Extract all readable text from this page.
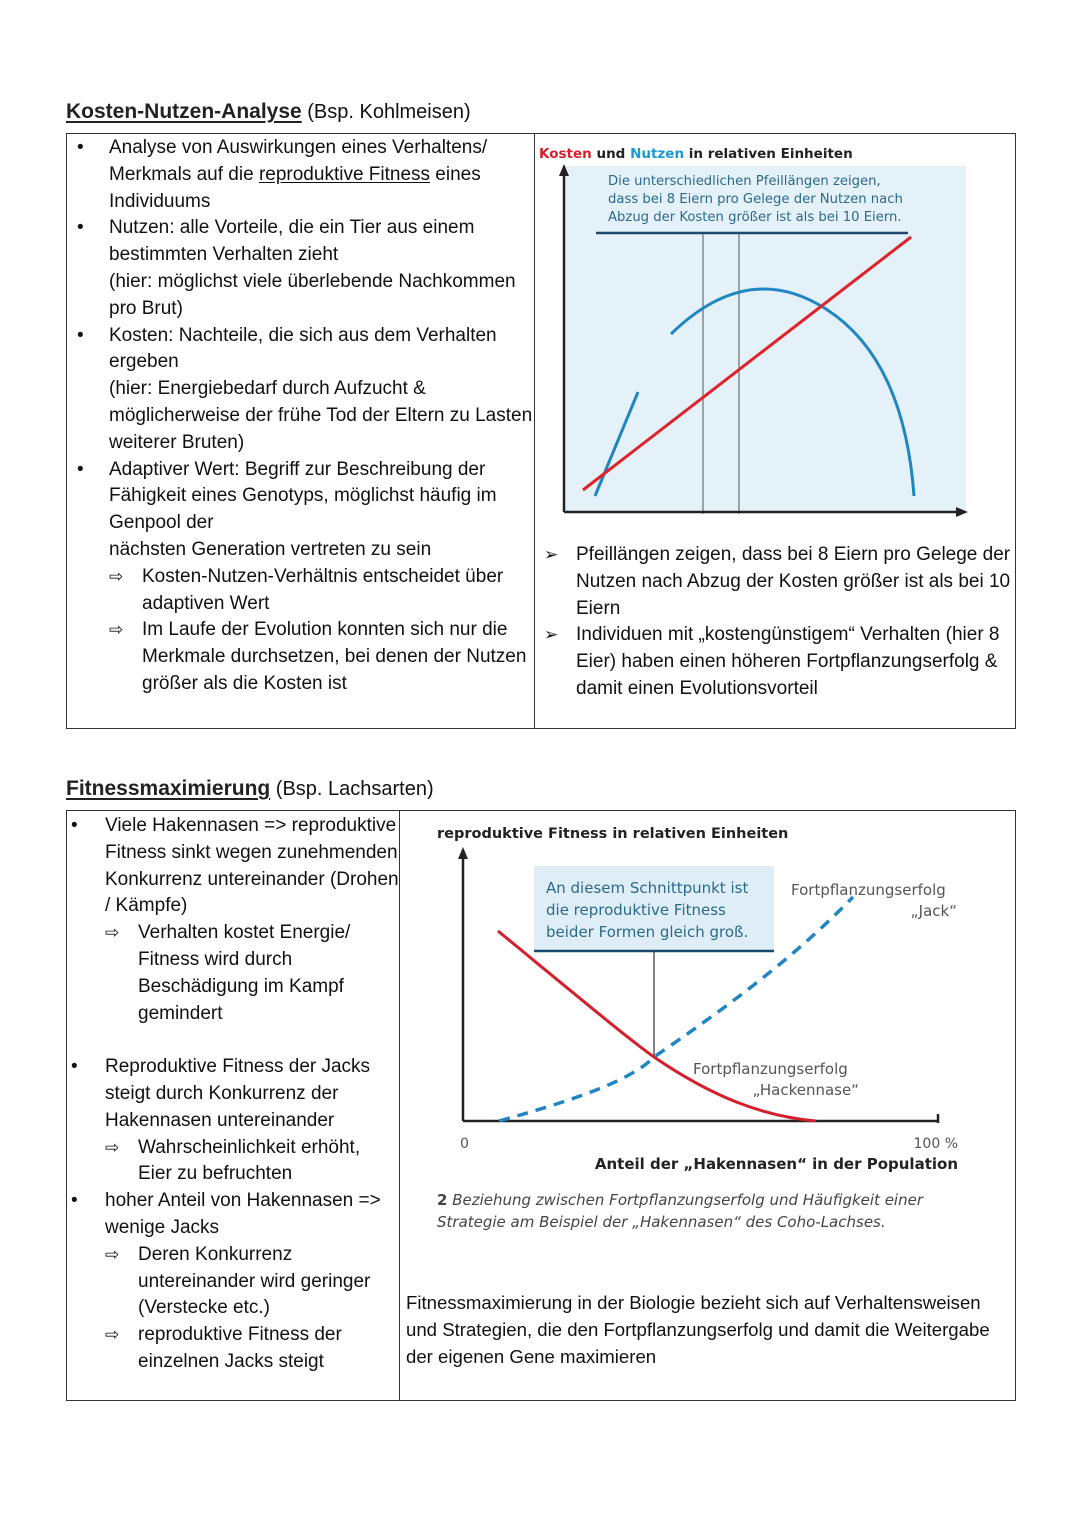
Kosten-Nutzen-Analyse (Bsp. Kohlmeisen)
• Analyse von Auswirkungen eines Verhaltens/ Merkmals auf die reproduktive Fitness eines Individuums
• Nutzen: alle Vorteile, die ein Tier aus einem bestimmten Verhalten zieht
(hier: möglichst viele überlebende Nachkommen pro Brut)
• Kosten: Nachteile, die sich aus dem Verhalten ergeben
(hier: Energiebedarf durch Aufzucht & möglicherweise der frühe Tod der Eltern zu Lasten weiterer Bruten)
• Adaptiver Wert: Begriff zur Beschreibung der Fähigkeit eines Genotyps, möglichst häufig im Genpool der
nächsten Generation vertreten zu sein
⇨ Kosten-Nutzen-Verhältnis entscheidet über adaptiven Wert
⇨ Im Laufe der Evolution konnten sich nur die Merkmale durchsetzen, bei denen der Nutzen größer als die Kosten ist
Kosten und Nutzen in relativen Einheiten
Die unterschiedlichen Pfeillängen zeigen, dass bei 8 Eiern pro Gelege der Nutzen nach Abzug der Kosten größer ist als bei 10 Eiern.
➢ Pfeillängen zeigen, dass bei 8 Eiern pro Gelege der Nutzen nach Abzug der Kosten größer ist als bei 10 Eiern
➢ Individuen mit „kostengünstigem“ Verhalten (hier 8 Eier) haben einen höheren Fortpflanzungserfolg & damit einen Evolutionsvorteil
Fitnessmaximierung (Bsp. Lachsarten)
• Viele Hakennasen => reproduktive Fitness sinkt wegen zunehmenden Konkurrenz untereinander (Drohen / Kämpfe)
⇨ Verhalten kostet Energie/ Fitness wird durch Beschädigung im Kampf gemindert
• Reproduktive Fitness der Jacks steigt durch Konkurrenz der Hakennasen untereinander
⇨ Wahrscheinlichkeit erhöht, Eier zu befruchten
• hoher Anteil von Hakennasen => wenige Jacks
⇨ Deren Konkurrenz untereinander wird geringer (Verstecke etc.)
⇨ reproduktive Fitness der einzelnen Jacks steigt
reproduktive Fitness in relativen Einheiten
An diesem Schnittpunkt ist die reproduktive Fitness beider Formen gleich groß.
Fortpflanzungserfolg „Jack“
Fortpflanzungserfolg „Hackennase“
0	100 %
Anteil der „Hakennasen“ in der Population
2 Beziehung zwischen Fortpflanzungserfolg und Häufigkeit einer Strategie am Beispiel der „Hakennasen“ des Coho-Lachses.
Fitnessmaximierung in der Biologie bezieht sich auf Verhaltensweisen und Strategien, die den Fortpflanzungserfolg und damit die Weitergabe der eigenen Gene maximieren
